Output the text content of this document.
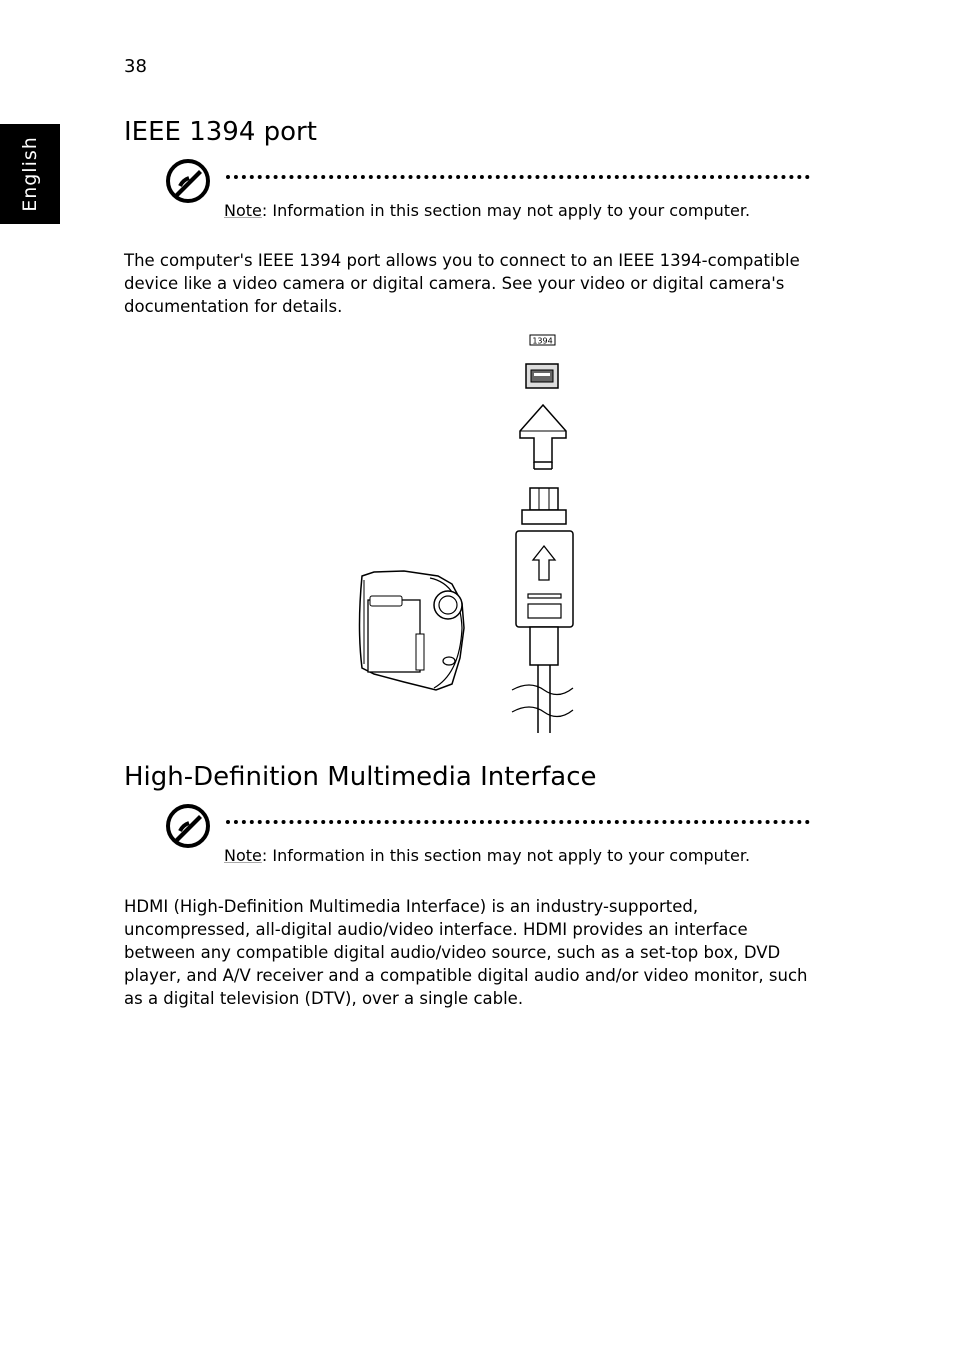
38
English
IEEE 1394 port
Note: Information in this section may not apply to your computer.

The computer's IEEE 1394 port allows you to connect to an IEEE 1394-compatible device like a video camera or digital camera. See your video or digital camera's documentation for details.

1394
High-Definition Multimedia Interface
Note: Information in this section may not apply to your computer.

HDMI (High-Definition Multimedia Interface) is an industry-supported, uncompressed, all-digital audio/video interface. HDMI provides an interface between any compatible digital audio/video source, such as a set-top box, DVD player, and A/V receiver and a compatible digital audio and/or video monitor, such as a digital television (DTV), over a single cable.
